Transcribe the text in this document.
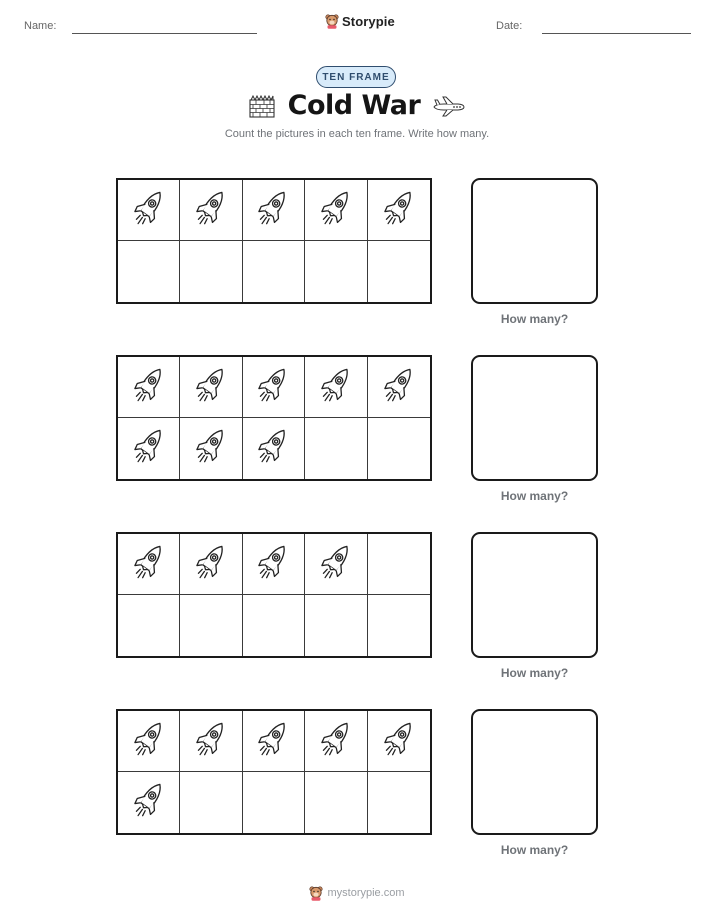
Name:	Storypie	Date:
TEN FRAME
Cold War
Count the pictures in each ten frame. Write how many.
How many?
How many?
How many?
How many?
mystorypie.com
